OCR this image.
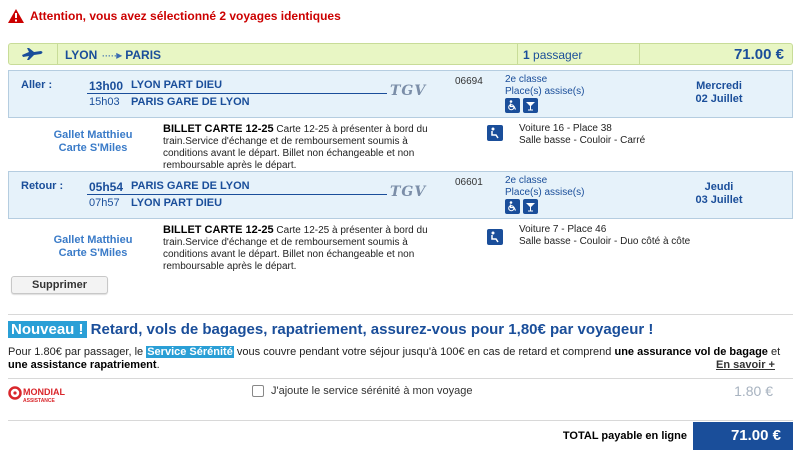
Attention, vous avez sélectionné 2 voyages identiques
LYON ·····▸ PARIS	1 passager	71.00 €
Aller :	13h00 LYON PART DIEU
15h03 PARIS GARE DE LYON
TGV
06694 2e classe
Place(s) assise(s)	Mercredi
02 Juillet
Gallet Matthieu
Carte S'Miles
BILLET CARTE 12-25 Carte 12-25 à présenter à bord du train.Service d'échange et de remboursement soumis à conditions avant le départ. Billet non échangeable et non remboursable après le départ.
Voiture 16 - Place 38
Salle basse - Couloir - Carré
Retour : 05h54 PARIS GARE DE LYON
07h57 LYON PART DIEU
TGV
06601 2e classe
Place(s) assise(s)	Jeudi
03 Juillet
Gallet Matthieu
Carte S'Miles
BILLET CARTE 12-25 Carte 12-25 à présenter à bord du train.Service d'échange et de remboursement soumis à conditions avant le départ. Billet non échangeable et non remboursable après le départ.
Voiture 7 - Place 46
Salle basse - Couloir - Duo côté à côte
Supprimer
Nouveau ! Retard, vols de bagages, rapatriement, assurez-vous pour 1,80€ par voyageur !
Pour 1.80€ par passager, le Service Sérénité vous couvre pendant votre séjour jusqu'à 100€ en cas de retard et comprend une assurance vol de bagage et une assistance rapatriement.	En savoir +
MONDIAL
ASSISTANCE
J'ajoute le service sérénité à mon voyage	1.80 €
TOTAL payable en ligne	71.00 €
